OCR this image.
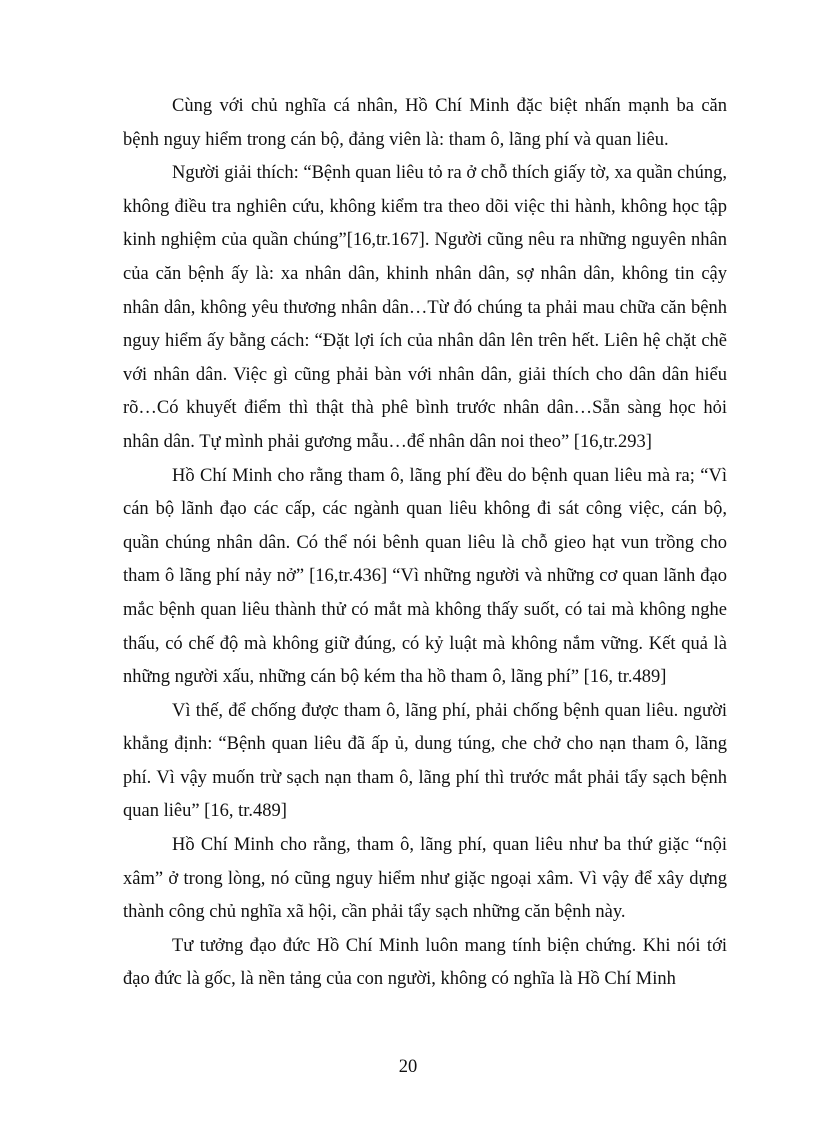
Cùng với chủ nghĩa cá nhân, Hồ Chí Minh đặc biệt nhấn mạnh ba căn bệnh nguy hiểm trong cán bộ, đảng viên là: tham ô, lãng phí và quan liêu.

Người giải thích: “Bệnh quan liêu tỏ ra ở chỗ thích giấy tờ, xa quần chúng, không điều tra nghiên cứu, không kiểm tra theo dõi việc thi hành, không học tập kinh nghiệm của quần chúng”[16,tr.167]. Người cũng nêu ra những nguyên nhân của căn bệnh ấy là: xa nhân dân, khinh nhân dân, sợ nhân dân, không tin cậy nhân dân, không yêu thương nhân dân…Từ đó chúng ta phải mau chữa căn bệnh nguy hiểm ấy bằng cách: “Đặt lợi ích của nhân dân lên trên hết. Liên hệ chặt chẽ với nhân dân. Việc gì cũng phải bàn với nhân dân, giải thích cho dân dân hiểu rõ…Có khuyết điểm thì thật thà phê bình trước nhân dân…Sẵn sàng học hỏi nhân dân. Tự mình phải gương mẫu…để nhân dân noi theo” [16,tr.293]

Hồ Chí Minh cho rằng tham ô, lãng phí đều do bệnh quan liêu mà ra; “Vì cán bộ lãnh đạo các cấp, các ngành quan liêu không đi sát công việc, cán bộ, quần chúng nhân dân. Có thể nói bênh quan liêu là chỗ gieo hạt vun trồng cho tham ô lãng phí nảy nở” [16,tr.436] “Vì những người và những cơ quan lãnh đạo mắc bệnh quan liêu thành thử có mắt mà không thấy suốt, có tai mà không nghe thấu, có chế độ mà không giữ đúng, có kỷ luật mà không nắm vững. Kết quả là những người xấu, những cán bộ kém tha hồ tham ô, lãng phí” [16, tr.489]

Vì thế, để chống được tham ô, lãng phí, phải chống bệnh quan liêu. người khẳng định: “Bệnh quan liêu đã ấp ủ, dung túng, che chở cho nạn tham ô, lãng phí. Vì vậy muốn trừ sạch nạn tham ô, lãng phí thì trước mắt phải tẩy sạch bệnh quan liêu” [16, tr.489]

Hồ Chí Minh cho rằng, tham ô, lãng phí, quan liêu như ba thứ giặc “nội xâm” ở trong lòng, nó cũng nguy hiểm như giặc ngoại xâm. Vì vậy để xây dựng thành công chủ nghĩa xã hội, cần phải tẩy sạch những căn bệnh này.

Tư tưởng đạo đức Hồ Chí Minh luôn mang tính biện chứng. Khi nói tới đạo đức là gốc, là nền tảng của con người, không có nghĩa là Hồ Chí Minh

20
